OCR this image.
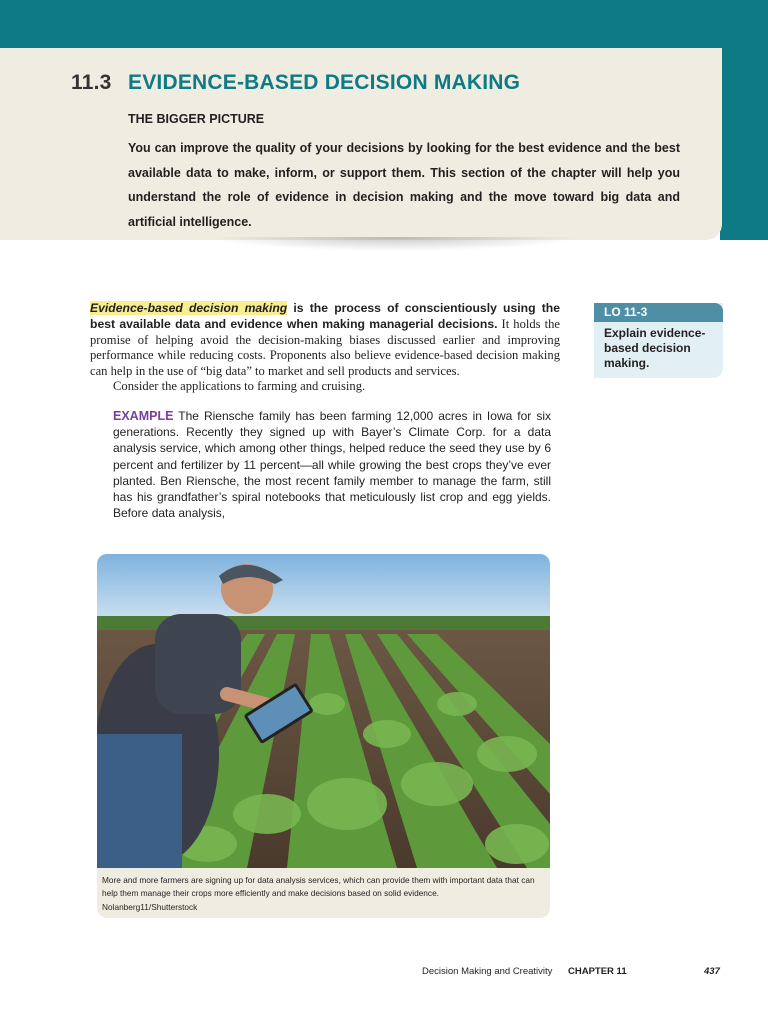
11.3 EVIDENCE-BASED DECISION MAKING
THE BIGGER PICTURE
You can improve the quality of your decisions by looking for the best evidence and the best available data to make, inform, or support them. This section of the chapter will help you understand the role of evidence in decision making and the move toward big data and artificial intelligence.
LO 11-3
Explain evidence-based decision making.

Evidence-based decision making is the process of conscientiously using the best available data and evidence when making managerial decisions. It holds the promise of helping avoid the decision-making biases discussed earlier and improving performance while reducing costs. Proponents also believe evidence-based decision making can help in the use of “big data” to market and sell products and services.

Consider the applications to farming and cruising.

EXAMPLE The Riensche family has been farming 12,000 acres in Iowa for six generations. Recently they signed up with Bayer’s Climate Corp. for a data analysis service, which among other things, helped reduce the seed they use by 6 percent and fertilizer by 11 percent—all while growing the best crops they’ve ever planted. Ben Riensche, the most recent family member to manage the farm, still has his grandfather’s spiral notebooks that meticulously list crop and egg yields. Before data analysis,

More and more farmers are signing up for data analysis services, which can provide them with important data that can help them manage their crops more efficiently and make decisions based on solid evidence.
Nolanberg11/Shutterstock
Decision Making and Creativity CHAPTER 11	437
